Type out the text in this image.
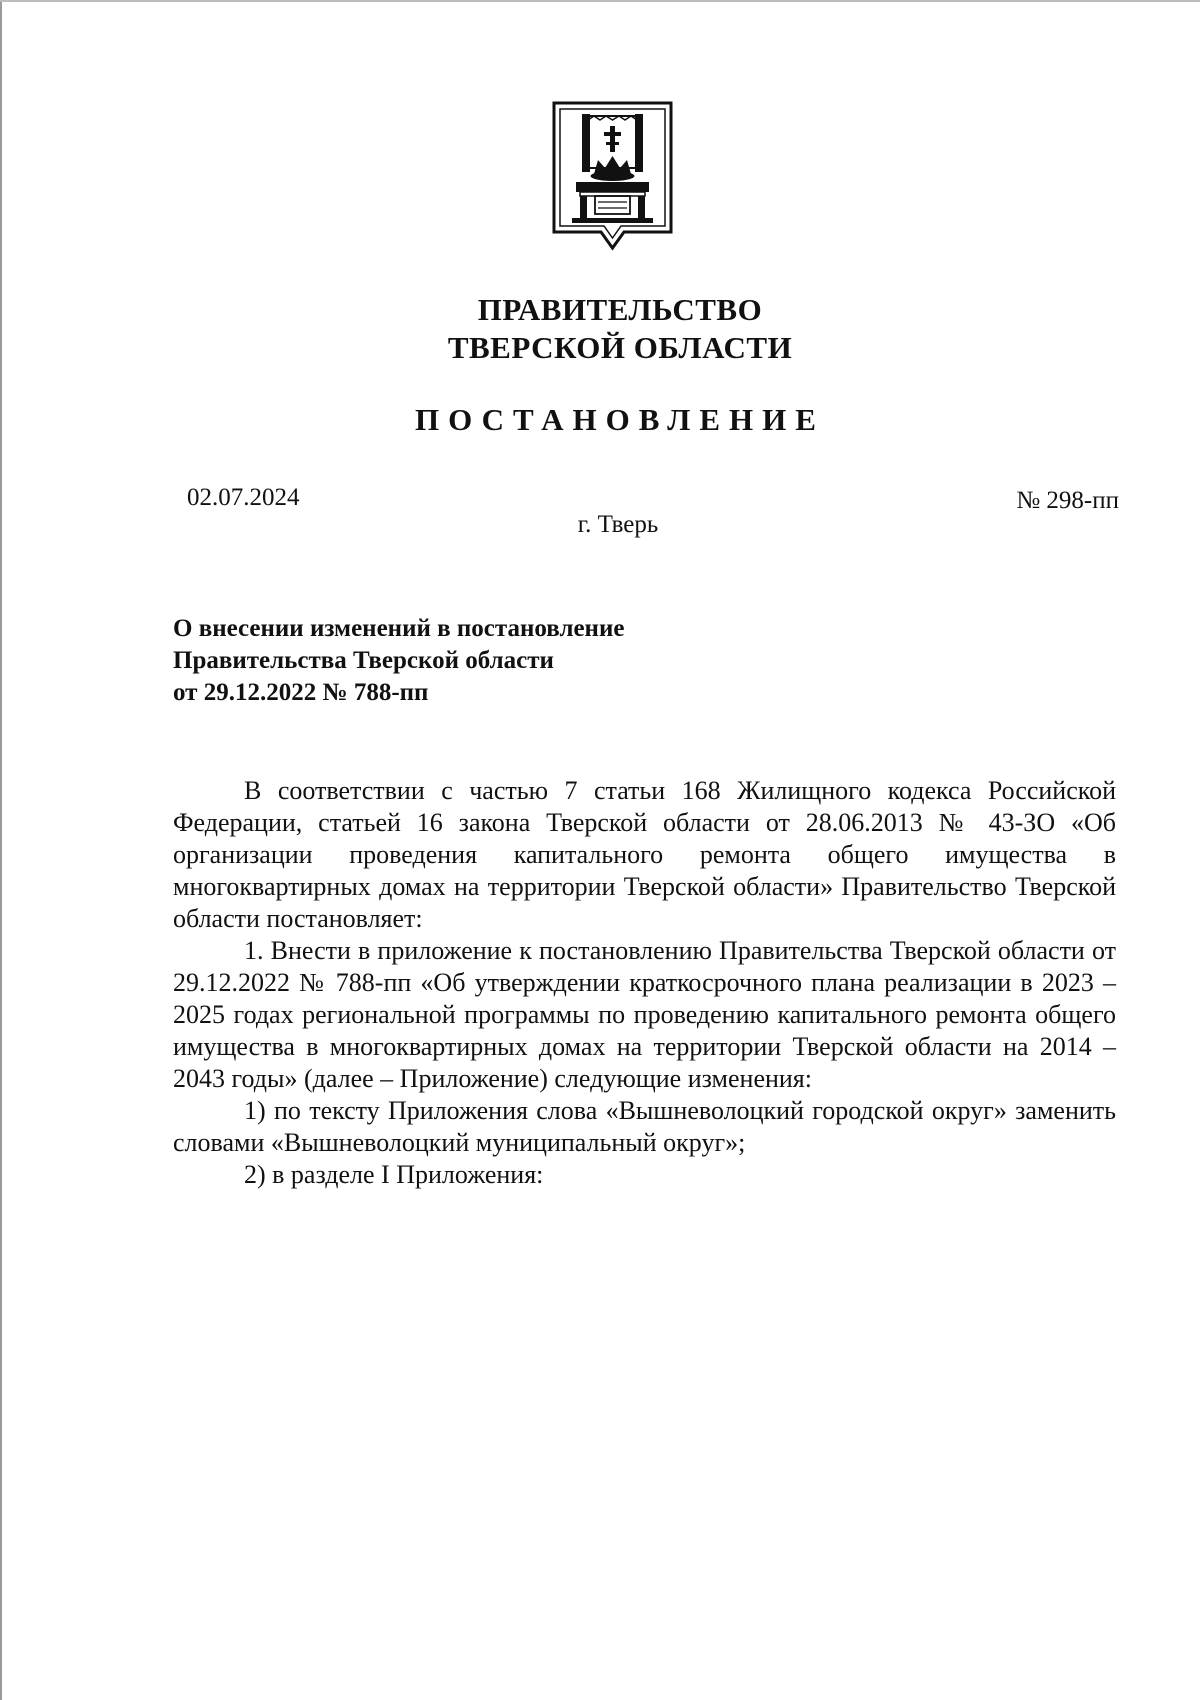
ПРАВИТЕЛЬСТВО
ТВЕРСКОЙ ОБЛАСТИ
ПОСТАНОВЛЕНИЕ
02.07.2024	№ 298-пп
г. Тверь
О внесении изменений в постановление
Правительства Тверской области
от 29.12.2022 № 788-пп

В соответствии с частью 7 статьи 168 Жилищного кодекса Российской Федерации, статьей 16 закона Тверской области от 28.06.2013 № 43-ЗО «Об организации проведения капитального ремонта общего имущества в многоквартирных домах на территории Тверской области» Правительство Тверской области постановляет:

1. Внести в приложение к постановлению Правительства Тверской области от 29.12.2022 № 788-пп «Об утверждении краткосрочного плана реализации в 2023 – 2025 годах региональной программы по проведению капитального ремонта общего имущества в многоквартирных домах на территории Тверской области на 2014 – 2043 годы» (далее – Приложение) следующие изменения:

1) по тексту Приложения слова «Вышневолоцкий городской округ» заменить словами «Вышневолоцкий муниципальный округ»;

2) в разделе I Приложения:
